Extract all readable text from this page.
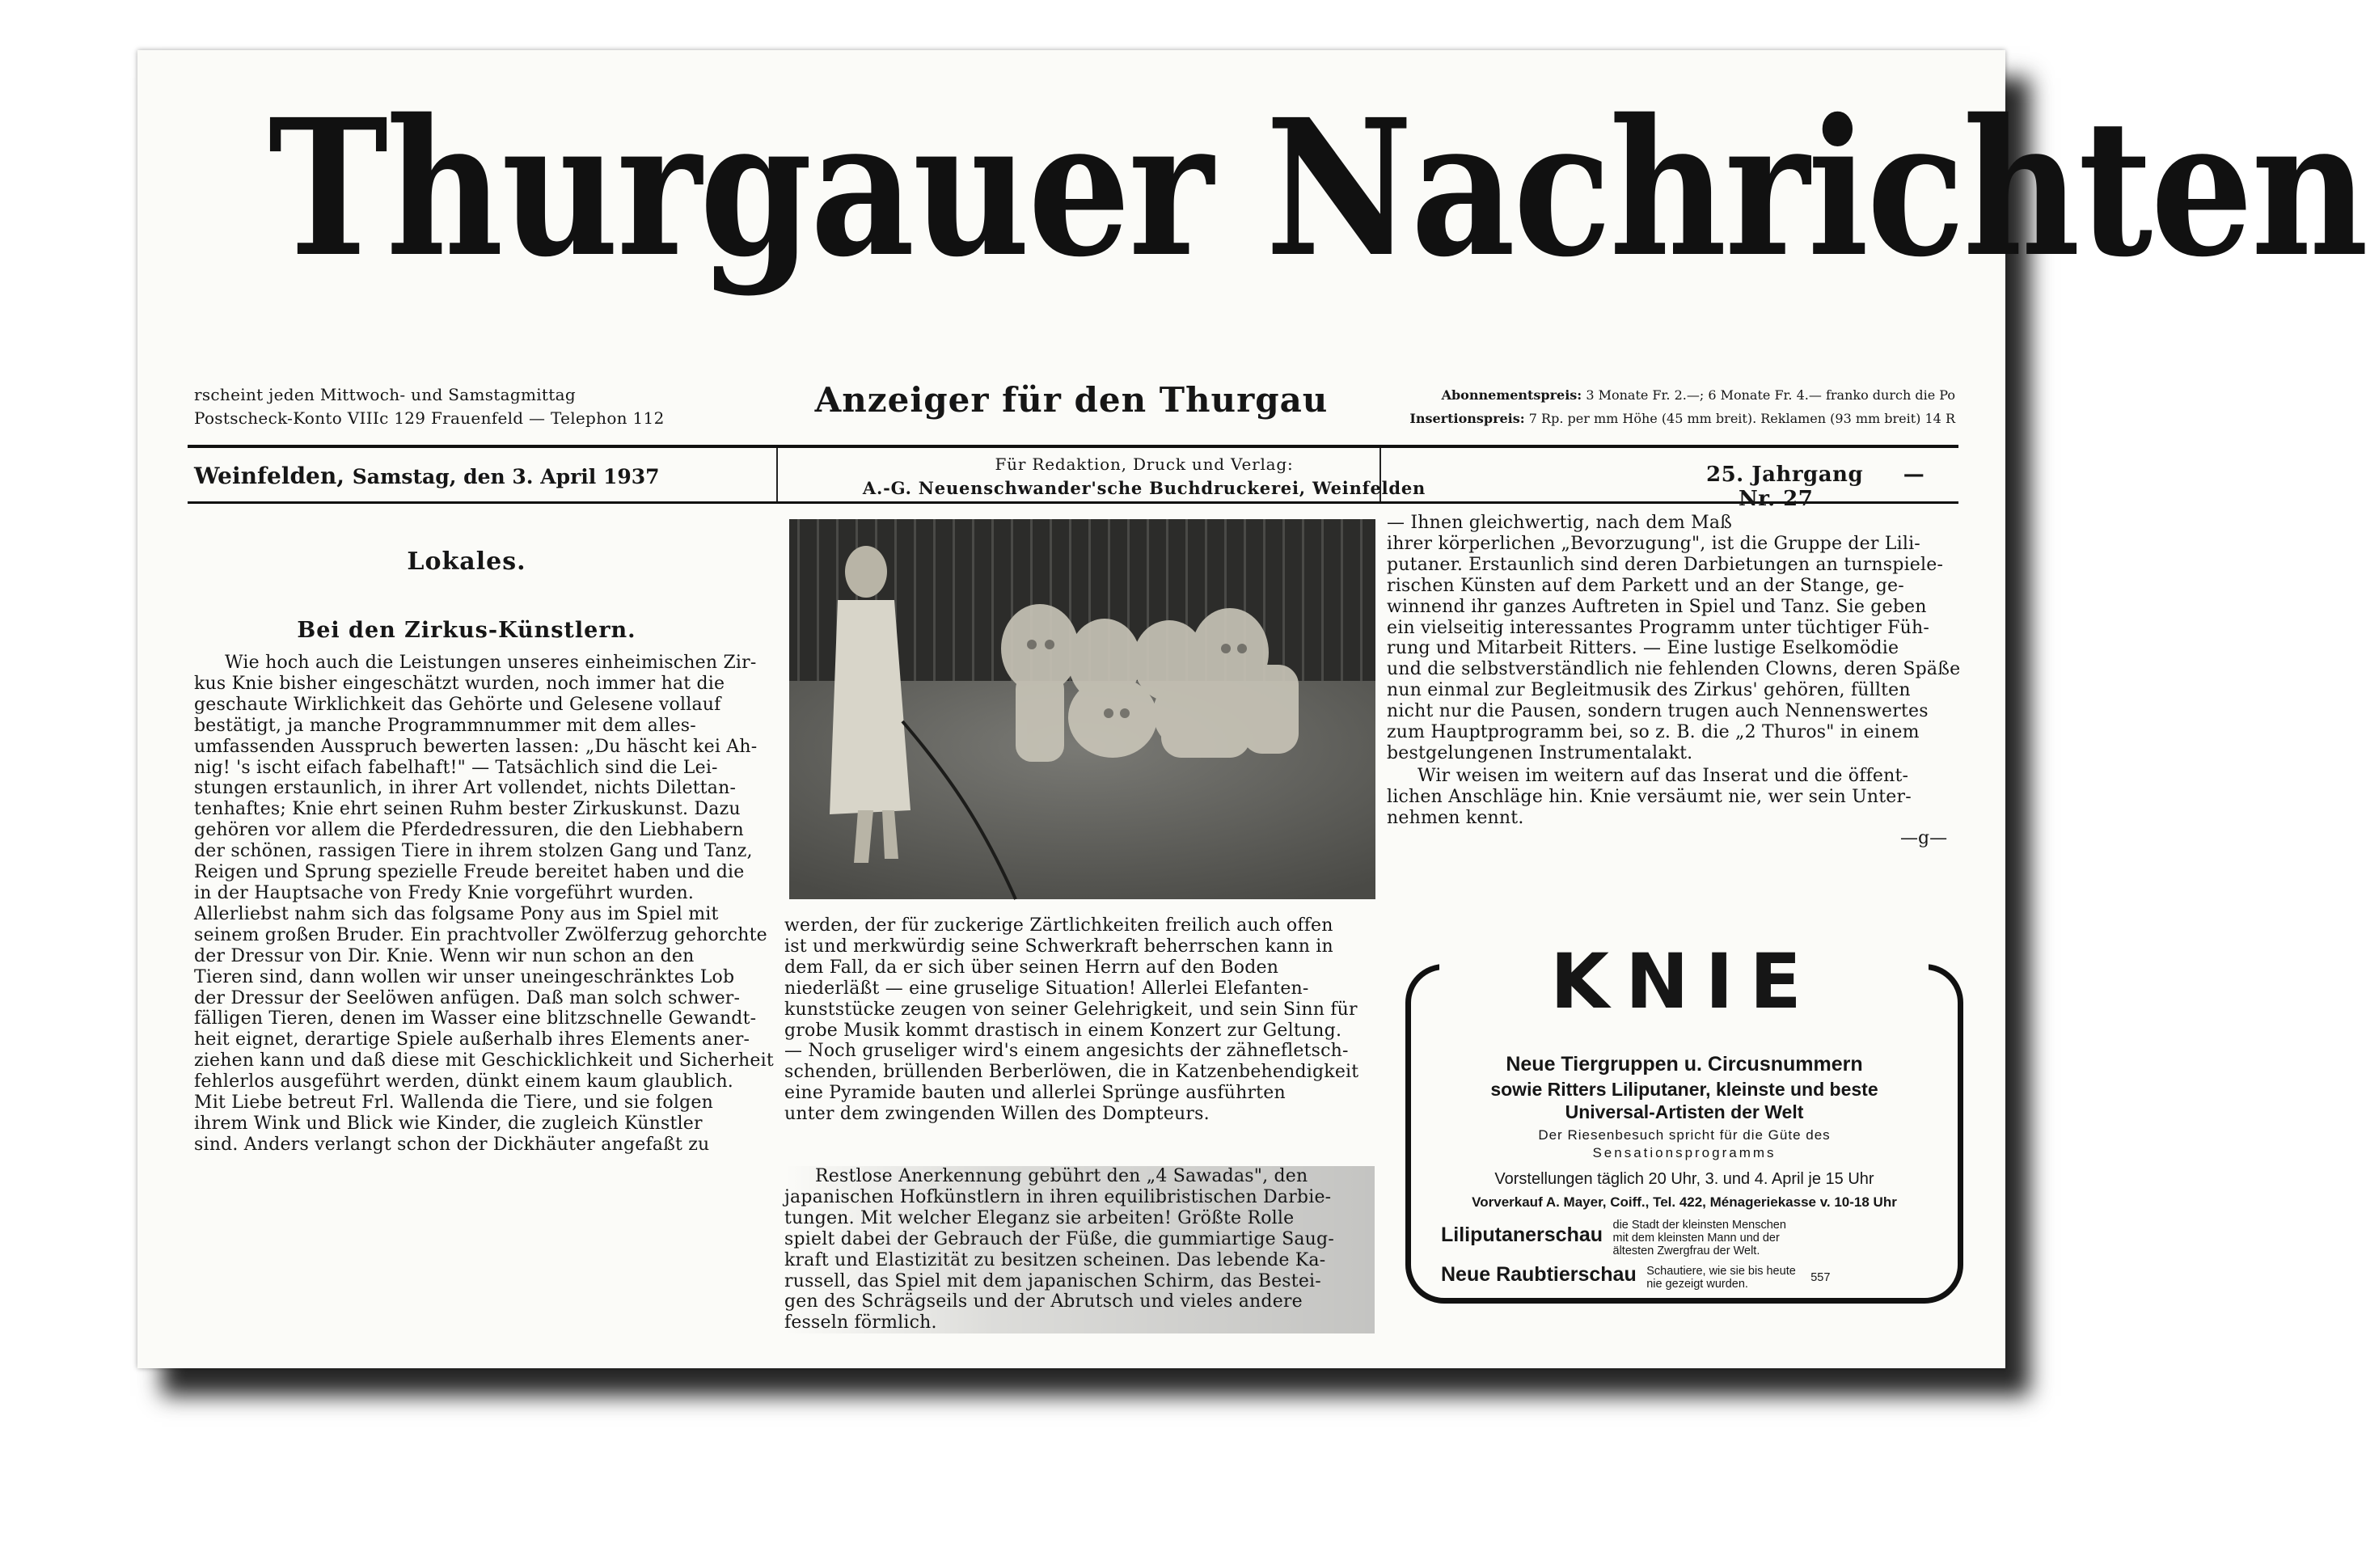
Thurgauer Nachrichten
rscheint jeden Mittwoch- und Samstagmittag
Postscheck-Konto VIIIc 129 Frauenfeld — Telephon 112	Anzeiger für den Thurgau	Abonnementspreis: 3 Monate Fr. 2.—; 6 Monate Fr. 4.— franko durch die Po
Insertionspreis: 7 Rp. per mm Höhe (45 mm breit). Reklamen (93 mm breit) 14 R
Weinfelden, Samstag, den 3. April 1937
Für Redaktion, Druck und Verlag:
A.-G. Neuenschwander'sche Buchdruckerei, Weinfelden
25. Jahrgang — Nr. 27
Lokales.
Bei den Zirkus-Künstlern.
Wie hoch auch die Leistungen unseres einheimischen Zir-
kus Knie bisher eingeschätzt wurden, noch immer hat die
geschaute Wirklichkeit das Gehörte und Gelesene vollauf
bestätigt, ja manche Programmnummer mit dem alles-
umfassenden Ausspruch bewerten lassen: „Du häscht kei Ah-
nig! 's ischt eifach fabelhaft!" — Tatsächlich sind die Lei-
stungen erstaunlich, in ihrer Art vollendet, nichts Dilettan-
tenhaftes; Knie ehrt seinen Ruhm bester Zirkuskunst. Dazu
gehören vor allem die Pferdedressuren, die den Liebhabern
der schönen, rassigen Tiere in ihrem stolzen Gang und Tanz,
Reigen und Sprung spezielle Freude bereitet haben und die
in der Hauptsache von Fredy Knie vorgeführt wurden.
Allerliebst nahm sich das folgsame Pony aus im Spiel mit
seinem großen Bruder. Ein prachtvoller Zwölferzug gehorchte
der Dressur von Dir. Knie. Wenn wir nun schon an den
Tieren sind, dann wollen wir unser uneingeschränktes Lob
der Dressur der Seelöwen anfügen. Daß man solch schwer-
fälligen Tieren, denen im Wasser eine blitzschnelle Gewandt-
heit eignet, derartige Spiele außerhalb ihres Elements aner-
ziehen kann und daß diese mit Geschicklichkeit und Sicherheit
fehlerlos ausgeführt werden, dünkt einem kaum glaublich.
Mit Liebe betreut Frl. Wallenda die Tiere, und sie folgen
ihrem Wink und Blick wie Kinder, die zugleich Künstler
sind. Anders verlangt schon der Dickhäuter angefaßt zu
werden, der für zuckerige Zärtlichkeiten freilich auch offen
ist und merkwürdig seine Schwerkraft beherrschen kann in
dem Fall, da er sich über seinen Herrn auf den Boden
niederläßt — eine gruselige Situation! Allerlei Elefanten-
kunststücke zeugen von seiner Gelehrigkeit, und sein Sinn für
grobe Musik kommt drastisch in einem Konzert zur Geltung.
— Noch gruseliger wird's einem angesichts der zähnefletsch-
schenden, brüllenden Berberlöwen, die in Katzenbehendigkeit
eine Pyramide bauten und allerlei Sprünge ausführten
unter dem zwingenden Willen des Dompteurs.
Restlose Anerkennung gebührt den „4 Sawadas", den
japanischen Hofkünstlern in ihren equilibristischen Darbie-
tungen. Mit welcher Eleganz sie arbeiten! Größte Rolle
spielt dabei der Gebrauch der Füße, die gummiartige Saug-
kraft und Elastizität zu besitzen scheinen. Das lebende Ka-
russell, das Spiel mit dem japanischen Schirm, das Bestei-
gen des Schrägseils und der Abrutsch und vieles andere
fesseln förmlich.
— Ihnen gleichwertig, nach dem Maß
ihrer körperlichen „Bevorzugung", ist die Gruppe der Lili-
putaner. Erstaunlich sind deren Darbietungen an turnspiele-
rischen Künsten auf dem Parkett und an der Stange, ge-
winnend ihr ganzes Auftreten in Spiel und Tanz. Sie geben
ein vielseitig interessantes Programm unter tüchtiger Füh-
rung und Mitarbeit Ritters. — Eine lustige Eselkomödie
und die selbstverständlich nie fehlenden Clowns, deren Späße
nun einmal zur Begleitmusik des Zirkus' gehören, füllten
nicht nur die Pausen, sondern trugen auch Nennenswertes
zum Hauptprogramm bei, so z. B. die „2 Thuros" in einem
bestgelungenen Instrumentalakt.
Wir weisen im weitern auf das Inserat und die öffent-
lichen Anschläge hin. Knie versäumt nie, wer sein Unter-
nehmen kennt.
—g—
KNIE
Neue Tiergruppen u. Circusnummern
sowie Ritters Liliputaner, kleinste und beste
Universal-Artisten der Welt
Der Riesenbesuch spricht für die Güte des
Sensationsprogramms
Vorstellungen täglich 20 Uhr, 3. und 4. April je 15 Uhr
Vorverkauf A. Mayer, Coiff., Tel. 422, Ménageriekasse v. 10-18 Uhr
Liliputanerschau die Stadt der kleinsten Menschen
mit dem kleinsten Mann und der
ältesten Zwergfrau der Welt.
Neue Raubtierschau Schautiere, wie sie bis heute
nie gezeigt wurden.	557
